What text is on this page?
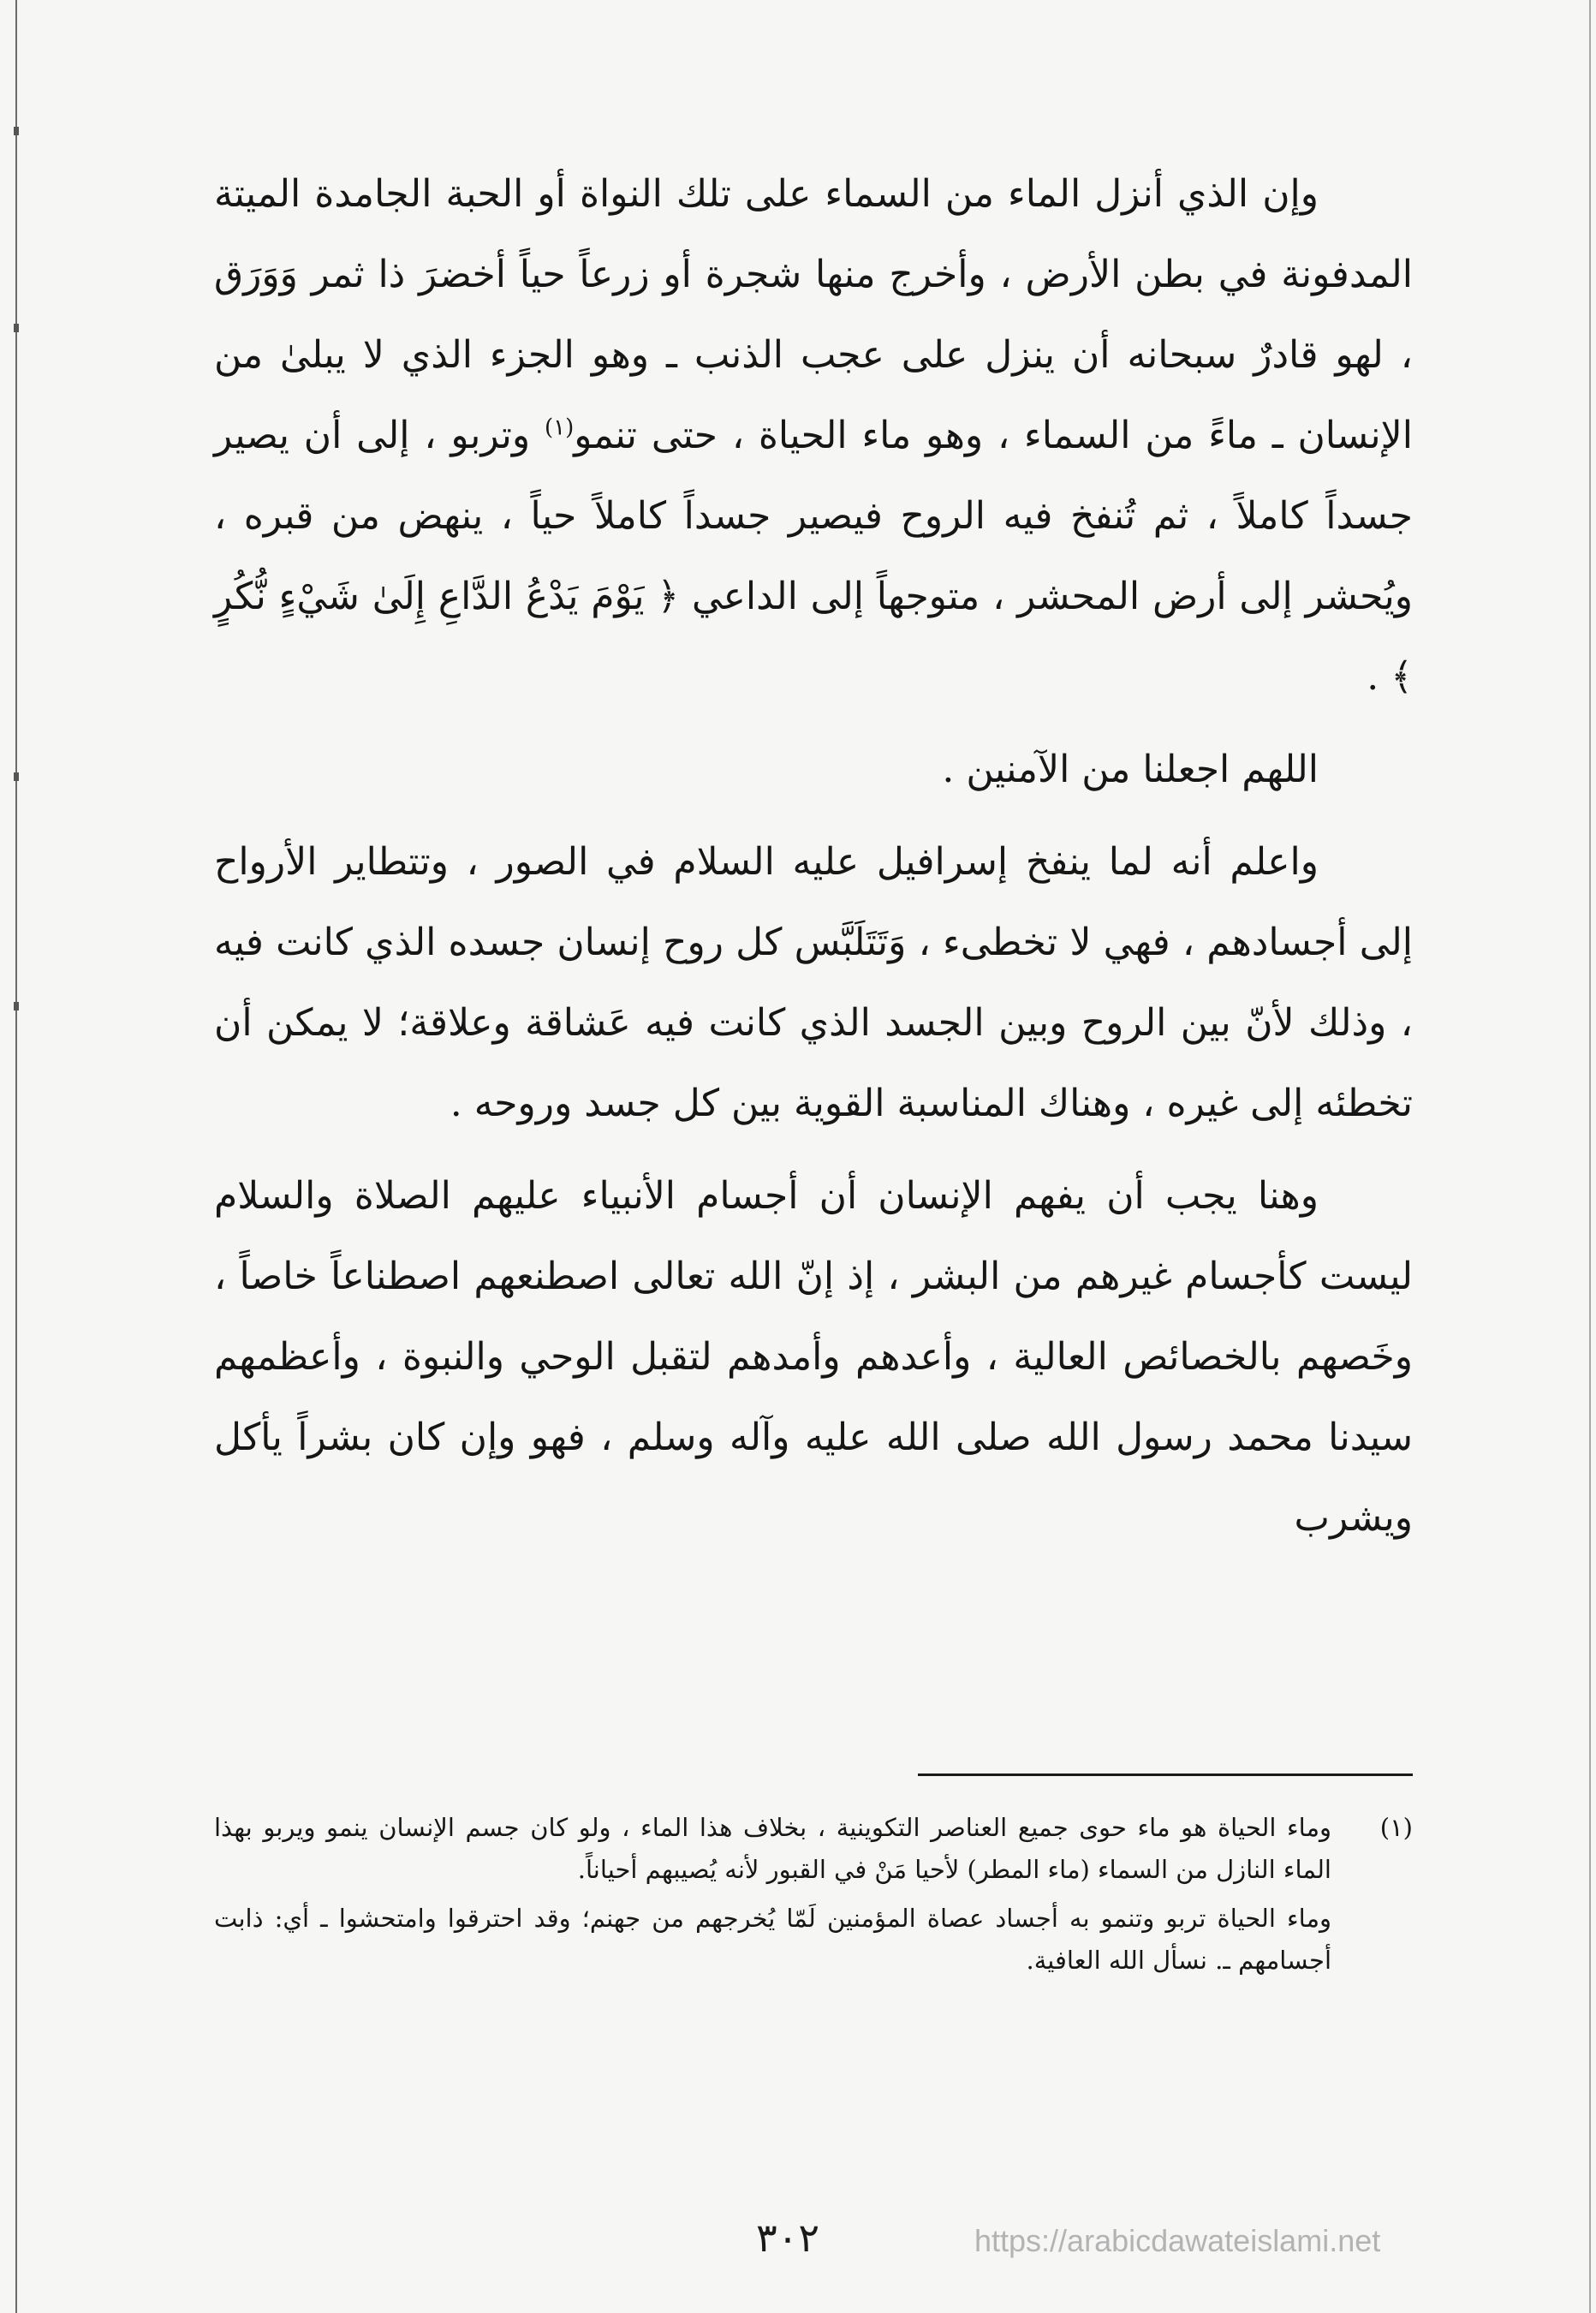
وإن الذي أنزل الماء من السماء على تلك النواة أو الحبة الجامدة الميتة المدفونة في بطن الأرض ، وأخرج منها شجرة أو زرعاً حياً أخضرَ ذا ثمر وَوَرَق ، لهو قادرٌ سبحانه أن ينزل على عجب الذنب ـ وهو الجزء الذي لا يبلىٰ من الإنسان ـ ماءً من السماء ، وهو ماء الحياة ، حتى تنمو$^{(١)}$ وتربو ، إلى أن يصير جسداً كاملاً ، ثم تُنفخ فيه الروح فيصير جسداً كاملاً حياً ، ينهض من قبره ، ويُحشر إلى أرض المحشر ، متوجهاً إلى الداعي ﴿ يَوْمَ يَدْعُ الدَّاعِ إِلَىٰ شَيْءٍ نُّكُرٍ ﴾ .

اللهم اجعلنا من الآمنين .

واعلم أنه لما ينفخ إسرافيل عليه السلام في الصور ، وتتطاير الأرواح إلى أجسادهم ، فهي لا تخطىء ، وَتَتَلَبَّس كل روح إنسان جسده الذي كانت فيه ، وذلك لأنّ بين الروح وبين الجسد الذي كانت فيه عَشاقة وعلاقة؛ لا يمكن أن تخطئه إلى غيره ، وهناك المناسبة القوية بين كل جسد وروحه .

وهنا يجب أن يفهم الإنسان أن أجسام الأنبياء عليهم الصلاة والسلام ليست كأجسام غيرهم من البشر ، إذ إنّ الله تعالى اصطنعهم اصطناعاً خاصاً ، وخَصهم بالخصائص العالية ، وأعدهم وأمدهم لتقبل الوحي والنبوة ، وأعظمهم سيدنا محمد رسول الله صلى الله عليه وآله وسلم ، فهو وإن كان بشراً يأكل ويشرب

(١)
وماء الحياة هو ماء حوى جميع العناصر التكوينية ، بخلاف هذا الماء ، ولو كان جسم الإنسان ينمو ويربو بهذا الماء النازل من السماء (ماء المطر) لأحيا مَنْ في القبور لأنه يُصيبهم أحياناً.

وماء الحياة تربو وتنمو به أجساد عصاة المؤمنين لَمّا يُخرجهم من جهنم؛ وقد احترقوا وامتحشوا ـ أي: ذابت أجسامهم ـ. نسأل الله العافية.

٣٠٢	https://arabicdawateislami.net
